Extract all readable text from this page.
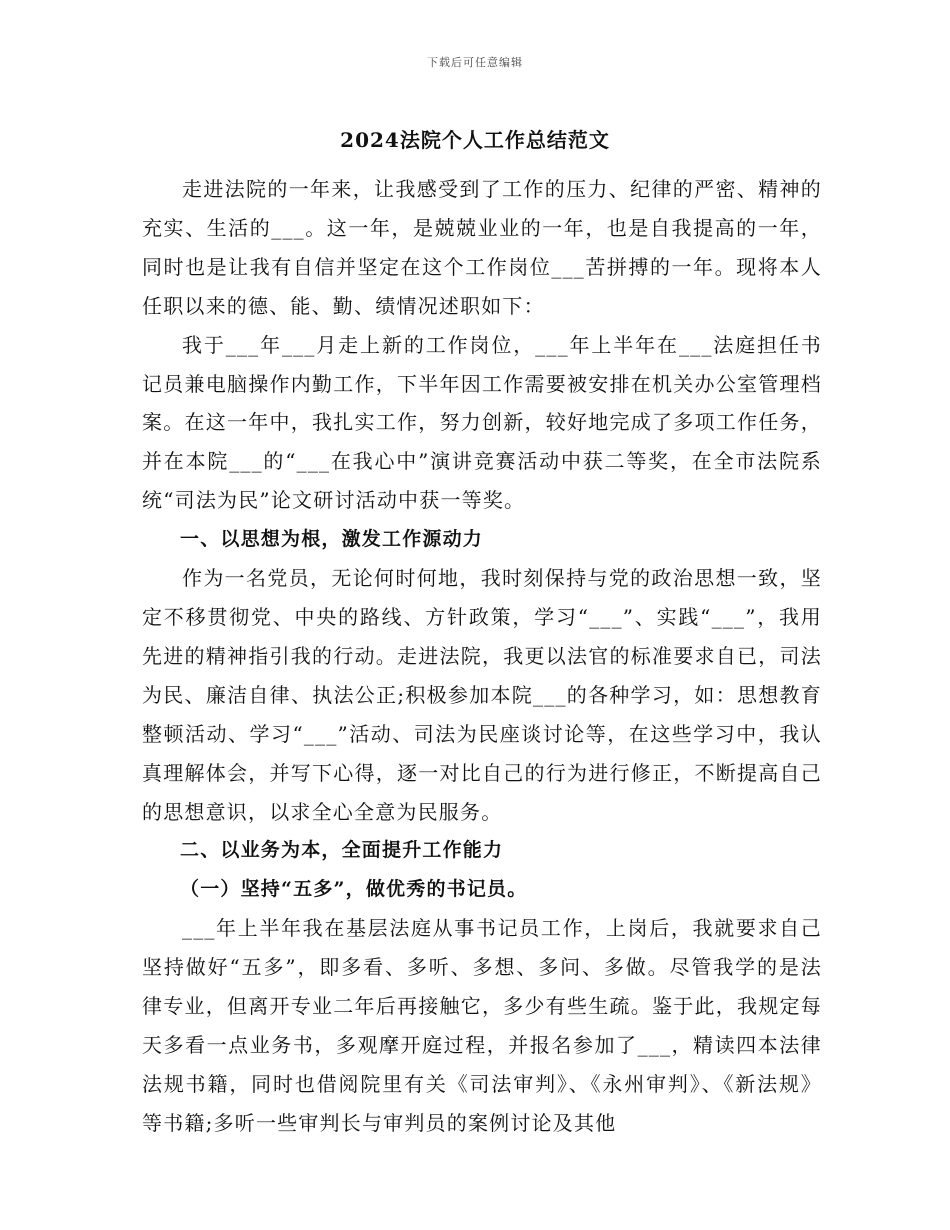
下载后可任意编辑
2024法院个人工作总结范文

走进法院的一年来，让我感受到了工作的压力、纪律的严密、精神的充实、生活的___。这一年，是兢兢业业的一年，也是自我提高的一年，同时也是让我有自信并坚定在这个工作岗位___苦拼搏的一年。现将本人任职以来的德、能、勤、绩情况述职如下：

我于___年___月走上新的工作岗位，___年上半年在___法庭担任书记员兼电脑操作内勤工作，下半年因工作需要被安排在机关办公室管理档案。在这一年中，我扎实工作，努力创新，较好地完成了多项工作任务，并在本院___的“___在我心中”演讲竞赛活动中获二等奖，在全市法院系统“司法为民”论文研讨活动中获一等奖。

一、以思想为根，激发工作源动力

作为一名党员，无论何时何地，我时刻保持与党的政治思想一致，坚定不移贯彻党、中央的路线、方针政策，学习“___”、实践“___”，我用先进的精神指引我的行动。走进法院，我更以法官的标准要求自已，司法为民、廉洁自律、执法公正;积极参加本院___的各种学习，如：思想教育整顿活动、学习“___”活动、司法为民座谈讨论等，在这些学习中，我认真理解体会，并写下心得，逐一对比自己的行为进行修正，不断提高自己的思想意识，以求全心全意为民服务。

二、以业务为本，全面提升工作能力

（一）坚持“五多”，做优秀的书记员。

___年上半年我在基层法庭从事书记员工作，上岗后，我就要求自己坚持做好“五多”，即多看、多听、多想、多问、多做。尽管我学的是法律专业，但离开专业二年后再接触它，多少有些生疏。鉴于此，我规定每天多看一点业务书，多观摩开庭过程，并报名参加了___，精读四本法律法规书籍，同时也借阅院里有关《司法审判》、《永州审判》、《新法规》等书籍;多听一些审判长与审判员的案例讨论及其他
